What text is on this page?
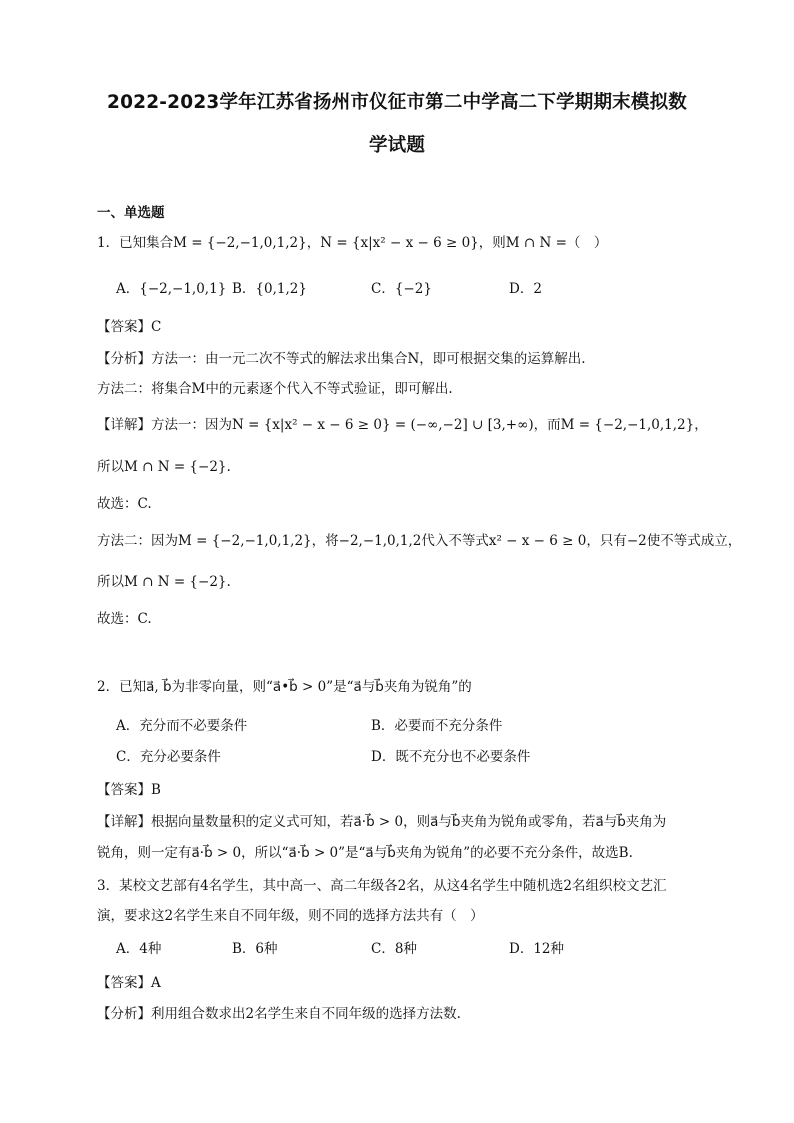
2022-2023学年江苏省扬州市仪征市第二中学高二下学期期末模拟数
学试题
一、单选题
1．已知集合M = {−2,−1,0,1,2}，N = {x|x² − x − 6 ≥ 0}，则M ∩ N =（　）
A．{−2,−1,0,1} B．{0,1,2}	C．{−2}	D．2
【答案】C
【分析】方法一：由一元二次不等式的解法求出集合N，即可根据交集的运算解出.
方法二：将集合M中的元素逐个代入不等式验证，即可解出.
【详解】方法一：因为N = {x|x² − x − 6 ≥ 0} = (−∞,−2] ∪ [3,+∞)，而M = {−2,−1,0,1,2}，
所以M ∩ N = {−2}.
故选：C.
方法二：因为M = {−2,−1,0,1,2}，将−2,−1,0,1,2代入不等式x² − x − 6 ≥ 0，只有−2使不等式成立，
所以M ∩ N = {−2}.
故选：C.
2．已知a⃗, b⃗为非零向量，则“a⃗•b⃗ > 0”是“a⃗与b⃗夹角为锐角”的
A．充分而不必要条件	B．必要而不充分条件
C．充分必要条件	D．既不充分也不必要条件
【答案】B
【详解】根据向量数量积的定义式可知，若a⃗·b⃗ > 0，则a⃗与b⃗夹角为锐角或零角，若a⃗与b⃗夹角为
锐角，则一定有a⃗·b⃗ > 0，所以“a⃗·b⃗ > 0”是“a⃗与b⃗夹角为锐角”的必要不充分条件，故选B.
3．某校文艺部有4名学生，其中高一、高二年级各2名，从这4名学生中随机选2名组织校文艺汇
演，要求这2名学生来自不同年级，则不同的选择方法共有（　）
A．4种	B．6种	C．8种	D．12种
【答案】A
【分析】利用组合数求出2名学生来自不同年级的选择方法数.
